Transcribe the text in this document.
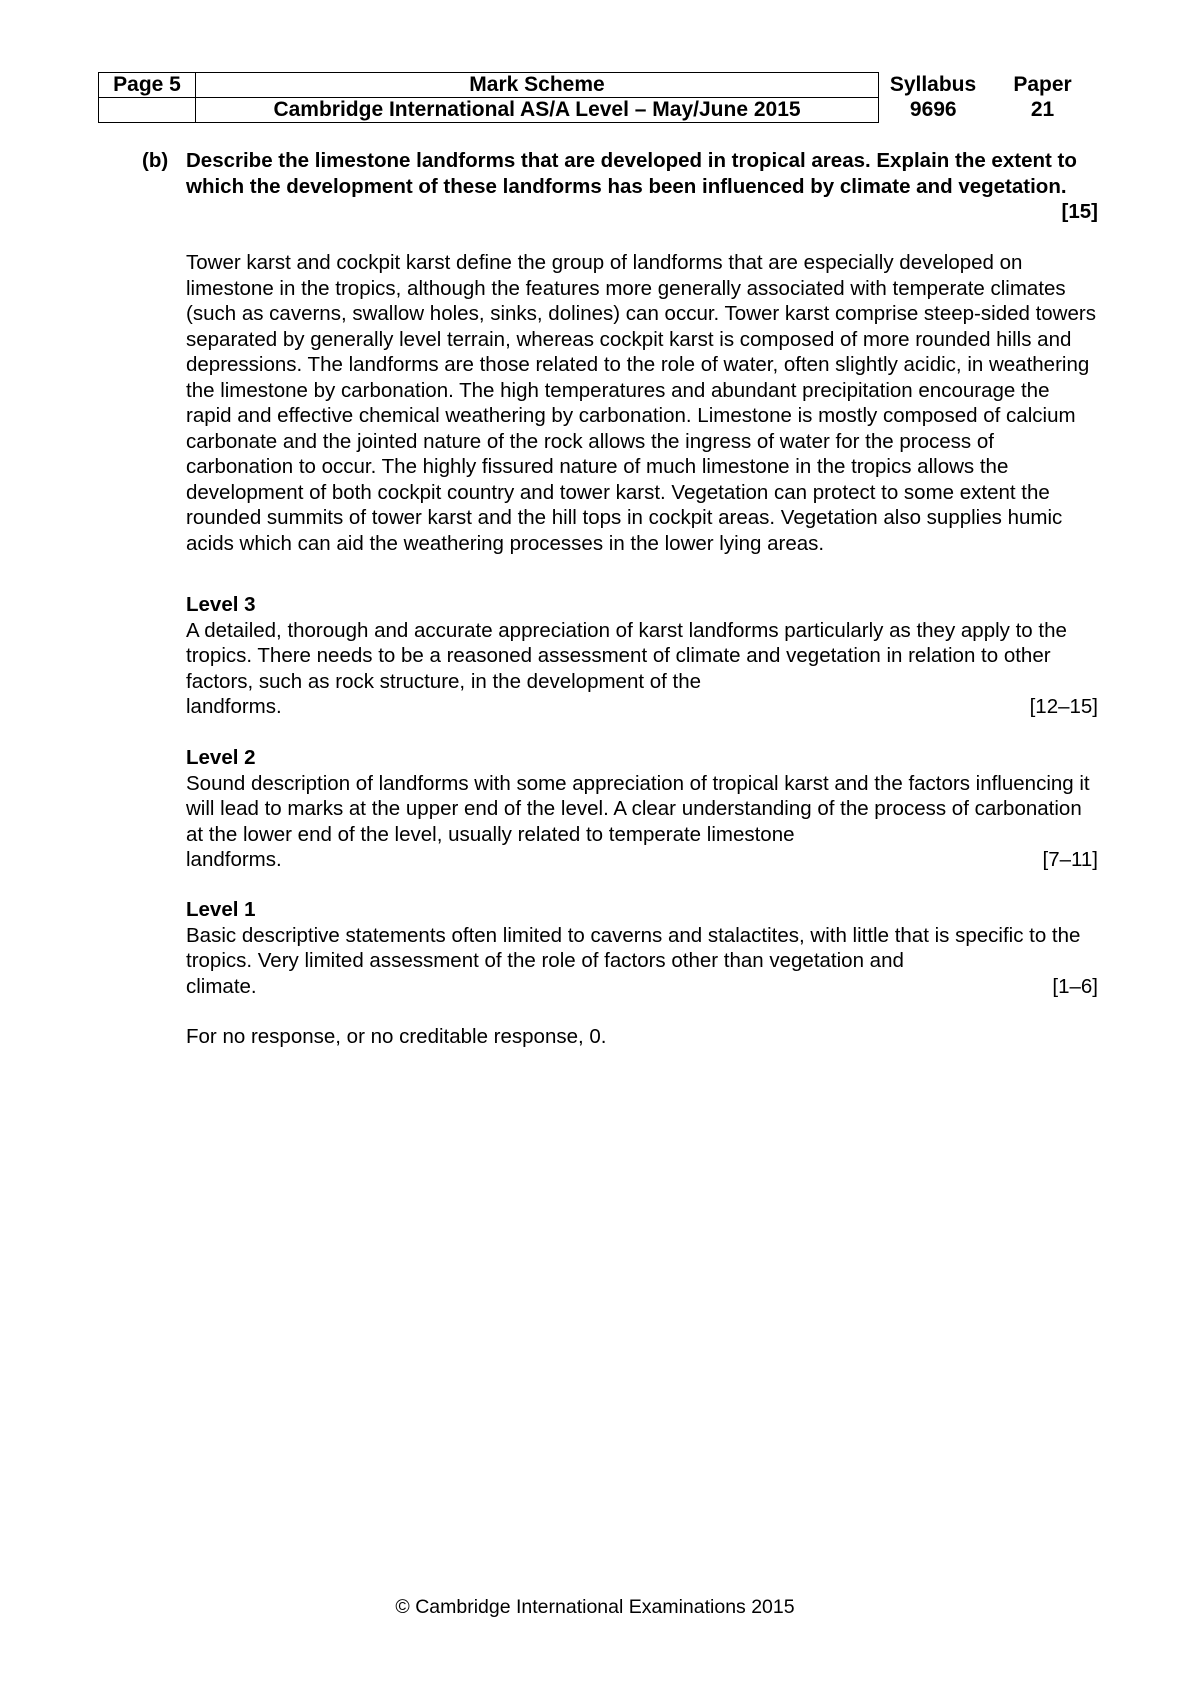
Page 5	Mark Scheme	Syllabus	Paper
	Cambridge International AS/A Level – May/June 2015	9696	21
(b) Describe the limestone landforms that are developed in tropical areas. Explain the extent to which the development of these landforms has been influenced by climate and vegetation.
[15]
Tower karst and cockpit karst define the group of landforms that are especially developed on limestone in the tropics, although the features more generally associated with temperate climates (such as caverns, swallow holes, sinks, dolines) can occur. Tower karst comprise steep-sided towers separated by generally level terrain, whereas cockpit karst is composed of more rounded hills and depressions. The landforms are those related to the role of water, often slightly acidic, in weathering the limestone by carbonation. The high temperatures and abundant precipitation encourage the rapid and effective chemical weathering by carbonation. Limestone is mostly composed of calcium carbonate and the jointed nature of the rock allows the ingress of water for the process of carbonation to occur. The highly fissured nature of much limestone in the tropics allows the development of both cockpit country and tower karst. Vegetation can protect to some extent the rounded summits of tower karst and the hill tops in cockpit areas. Vegetation also supplies humic acids which can aid the weathering processes in the lower lying areas.
Level 3
A detailed, thorough and accurate appreciation of karst landforms particularly as they apply to the tropics. There needs to be a reasoned assessment of climate and vegetation in relation to other factors, such as rock structure, in the development of the
landforms.	[12–15]
Level 2
Sound description of landforms with some appreciation of tropical karst and the factors influencing it will lead to marks at the upper end of the level. A clear understanding of the process of carbonation at the lower end of the level, usually related to temperate limestone
landforms.	[7–11]
Level 1
Basic descriptive statements often limited to caverns and stalactites, with little that is specific to the tropics. Very limited assessment of the role of factors other than vegetation and
climate.	[1–6]
For no response, or no creditable response, 0.
© Cambridge International Examinations 2015
